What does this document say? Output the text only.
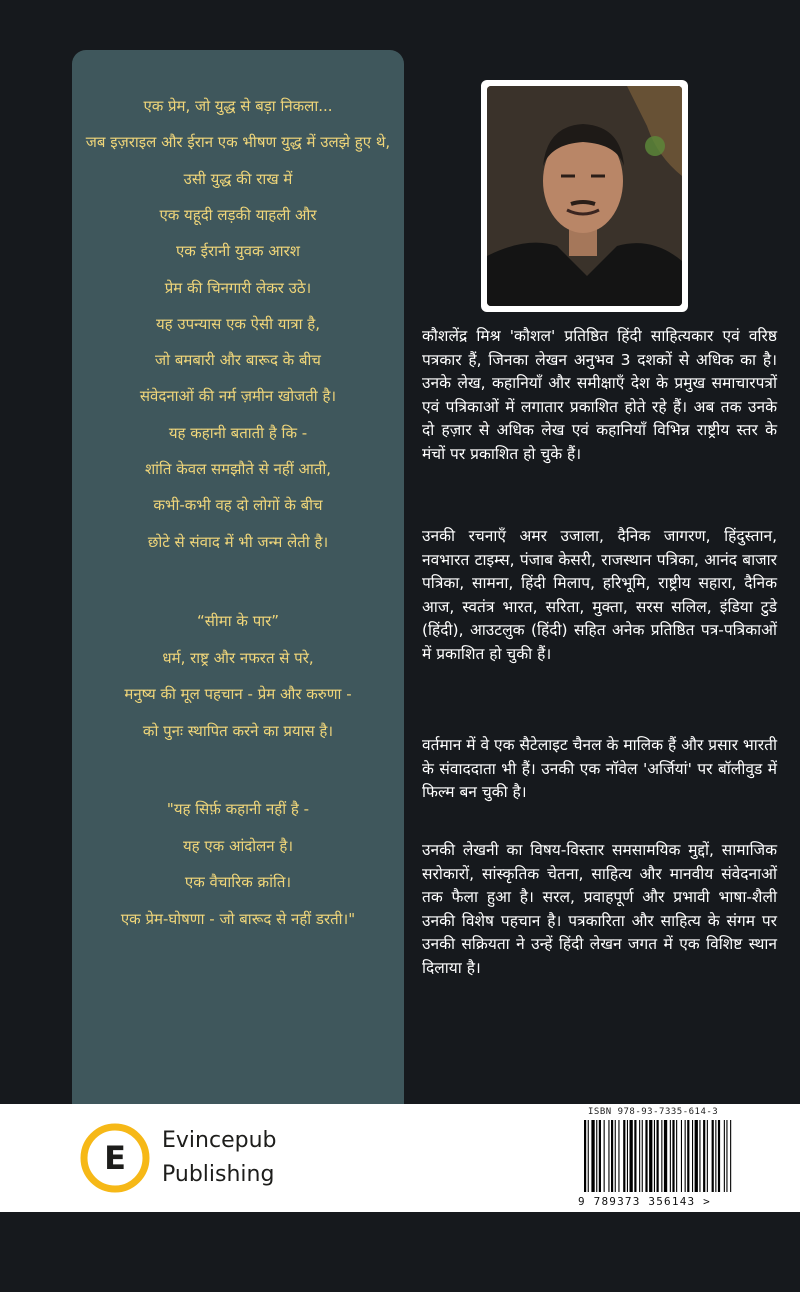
एक प्रेम, जो युद्ध से बड़ा निकला...
जब इज़राइल और ईरान एक भीषण युद्ध में उलझे हुए थे,
उसी युद्ध की राख में
एक यहूदी लड़की याहली और
एक ईरानी युवक आरश
प्रेम की चिनगारी लेकर उठे।
यह उपन्यास एक ऐसी यात्रा है,
जो बमबारी और बारूद के बीच
संवेदनाओं की नर्म ज़मीन खोजती है।
यह कहानी बताती है कि -
शांति केवल समझौते से नहीं आती,
कभी-कभी वह दो लोगों के बीच
छोटे से संवाद में भी जन्म लेती है।
“सीमा के पार”
धर्म, राष्ट्र और नफरत से परे,
मनुष्य की मूल पहचान - प्रेम और करुणा -
को पुनः स्थापित करने का प्रयास है।
"यह सिर्फ़ कहानी नहीं है -
यह एक आंदोलन है।
एक वैचारिक क्रांति।
एक प्रेम-घोषणा - जो बारूद से नहीं डरती।"
कौशलेंद्र मिश्र 'कौशल' प्रतिष्ठित हिंदी साहित्यकार एवं वरिष्ठ पत्रकार हैं, जिनका लेखन अनुभव 3 दशकों से अधिक का है। उनके लेख, कहानियाँ और समीक्षाएँ देश के प्रमुख समाचारपत्रों एवं पत्रिकाओं में लगातार प्रकाशित होते रहे हैं। अब तक उनके दो हज़ार से अधिक लेख एवं कहानियाँ विभिन्न राष्ट्रीय स्तर के मंचों पर प्रकाशित हो चुके हैं।
उनकी रचनाएँ अमर उजाला, दैनिक जागरण, हिंदुस्तान, नवभारत टाइम्स, पंजाब केसरी, राजस्थान पत्रिका, आनंद बाजार पत्रिका, सामना, हिंदी मिलाप, हरिभूमि, राष्ट्रीय सहारा, दैनिक आज, स्वतंत्र भारत, सरिता, मुक्ता, सरस सलिल, इंडिया टुडे (हिंदी), आउटलुक (हिंदी) सहित अनेक प्रतिष्ठित पत्र-पत्रिकाओं में प्रकाशित हो चुकी हैं।
वर्तमान में वे एक सैटेलाइट चैनल के मालिक हैं और प्रसार भारती के संवाददाता भी हैं। उनकी एक नॉवेल 'अर्जियां' पर बॉलीवुड में फिल्म बन चुकी है।
उनकी लेखनी का विषय-विस्तार समसामयिक मुद्दों, सामाजिक सरोकारों, सांस्कृतिक चेतना, साहित्य और मानवीय संवेदनाओं तक फैला हुआ है। सरल, प्रवाहपूर्ण और प्रभावी भाषा-शैली उनकी विशेष पहचान है। पत्रकारिता और साहित्य के संगम पर उनकी सक्रियता ने उन्हें हिंदी लेखन जगत में एक विशिष्ट स्थान दिलाया है।
E Evincepub
Publishing
ISBN 978-93-7335-614-3
9 789373 356143 >
